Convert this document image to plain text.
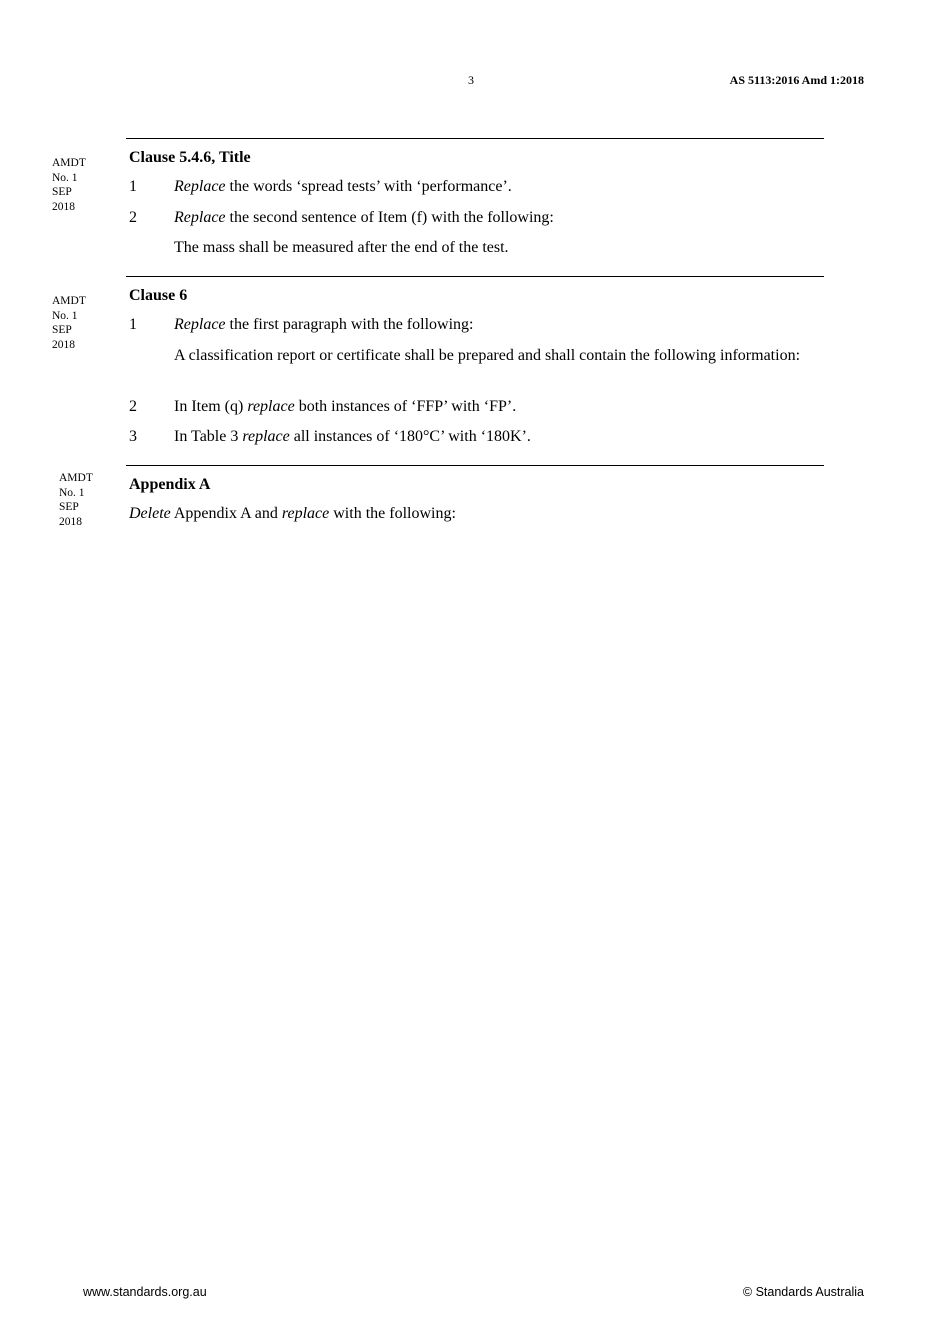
3	AS 5113:2016 Amd 1:2018
AMDT
No. 1
SEP
2018
Clause 5.4.6, Title
1 Replace the words ‘spread tests’ with ‘performance’.
2 Replace the second sentence of Item (f) with the following:
The mass shall be measured after the end of the test.
AMDT
No. 1
SEP
2018
Clause 6
1 Replace the first paragraph with the following:
A classification report or certificate shall be prepared and shall contain the following information:
2 In Item (q) replace both instances of ‘FFP’ with ‘FP’.
3 In Table 3 replace all instances of ‘180°C’ with ‘180K’.
AMDT
No. 1
SEP
2018
Appendix A
Delete Appendix A and replace with the following:
www.standards.org.au	© Standards Australia
